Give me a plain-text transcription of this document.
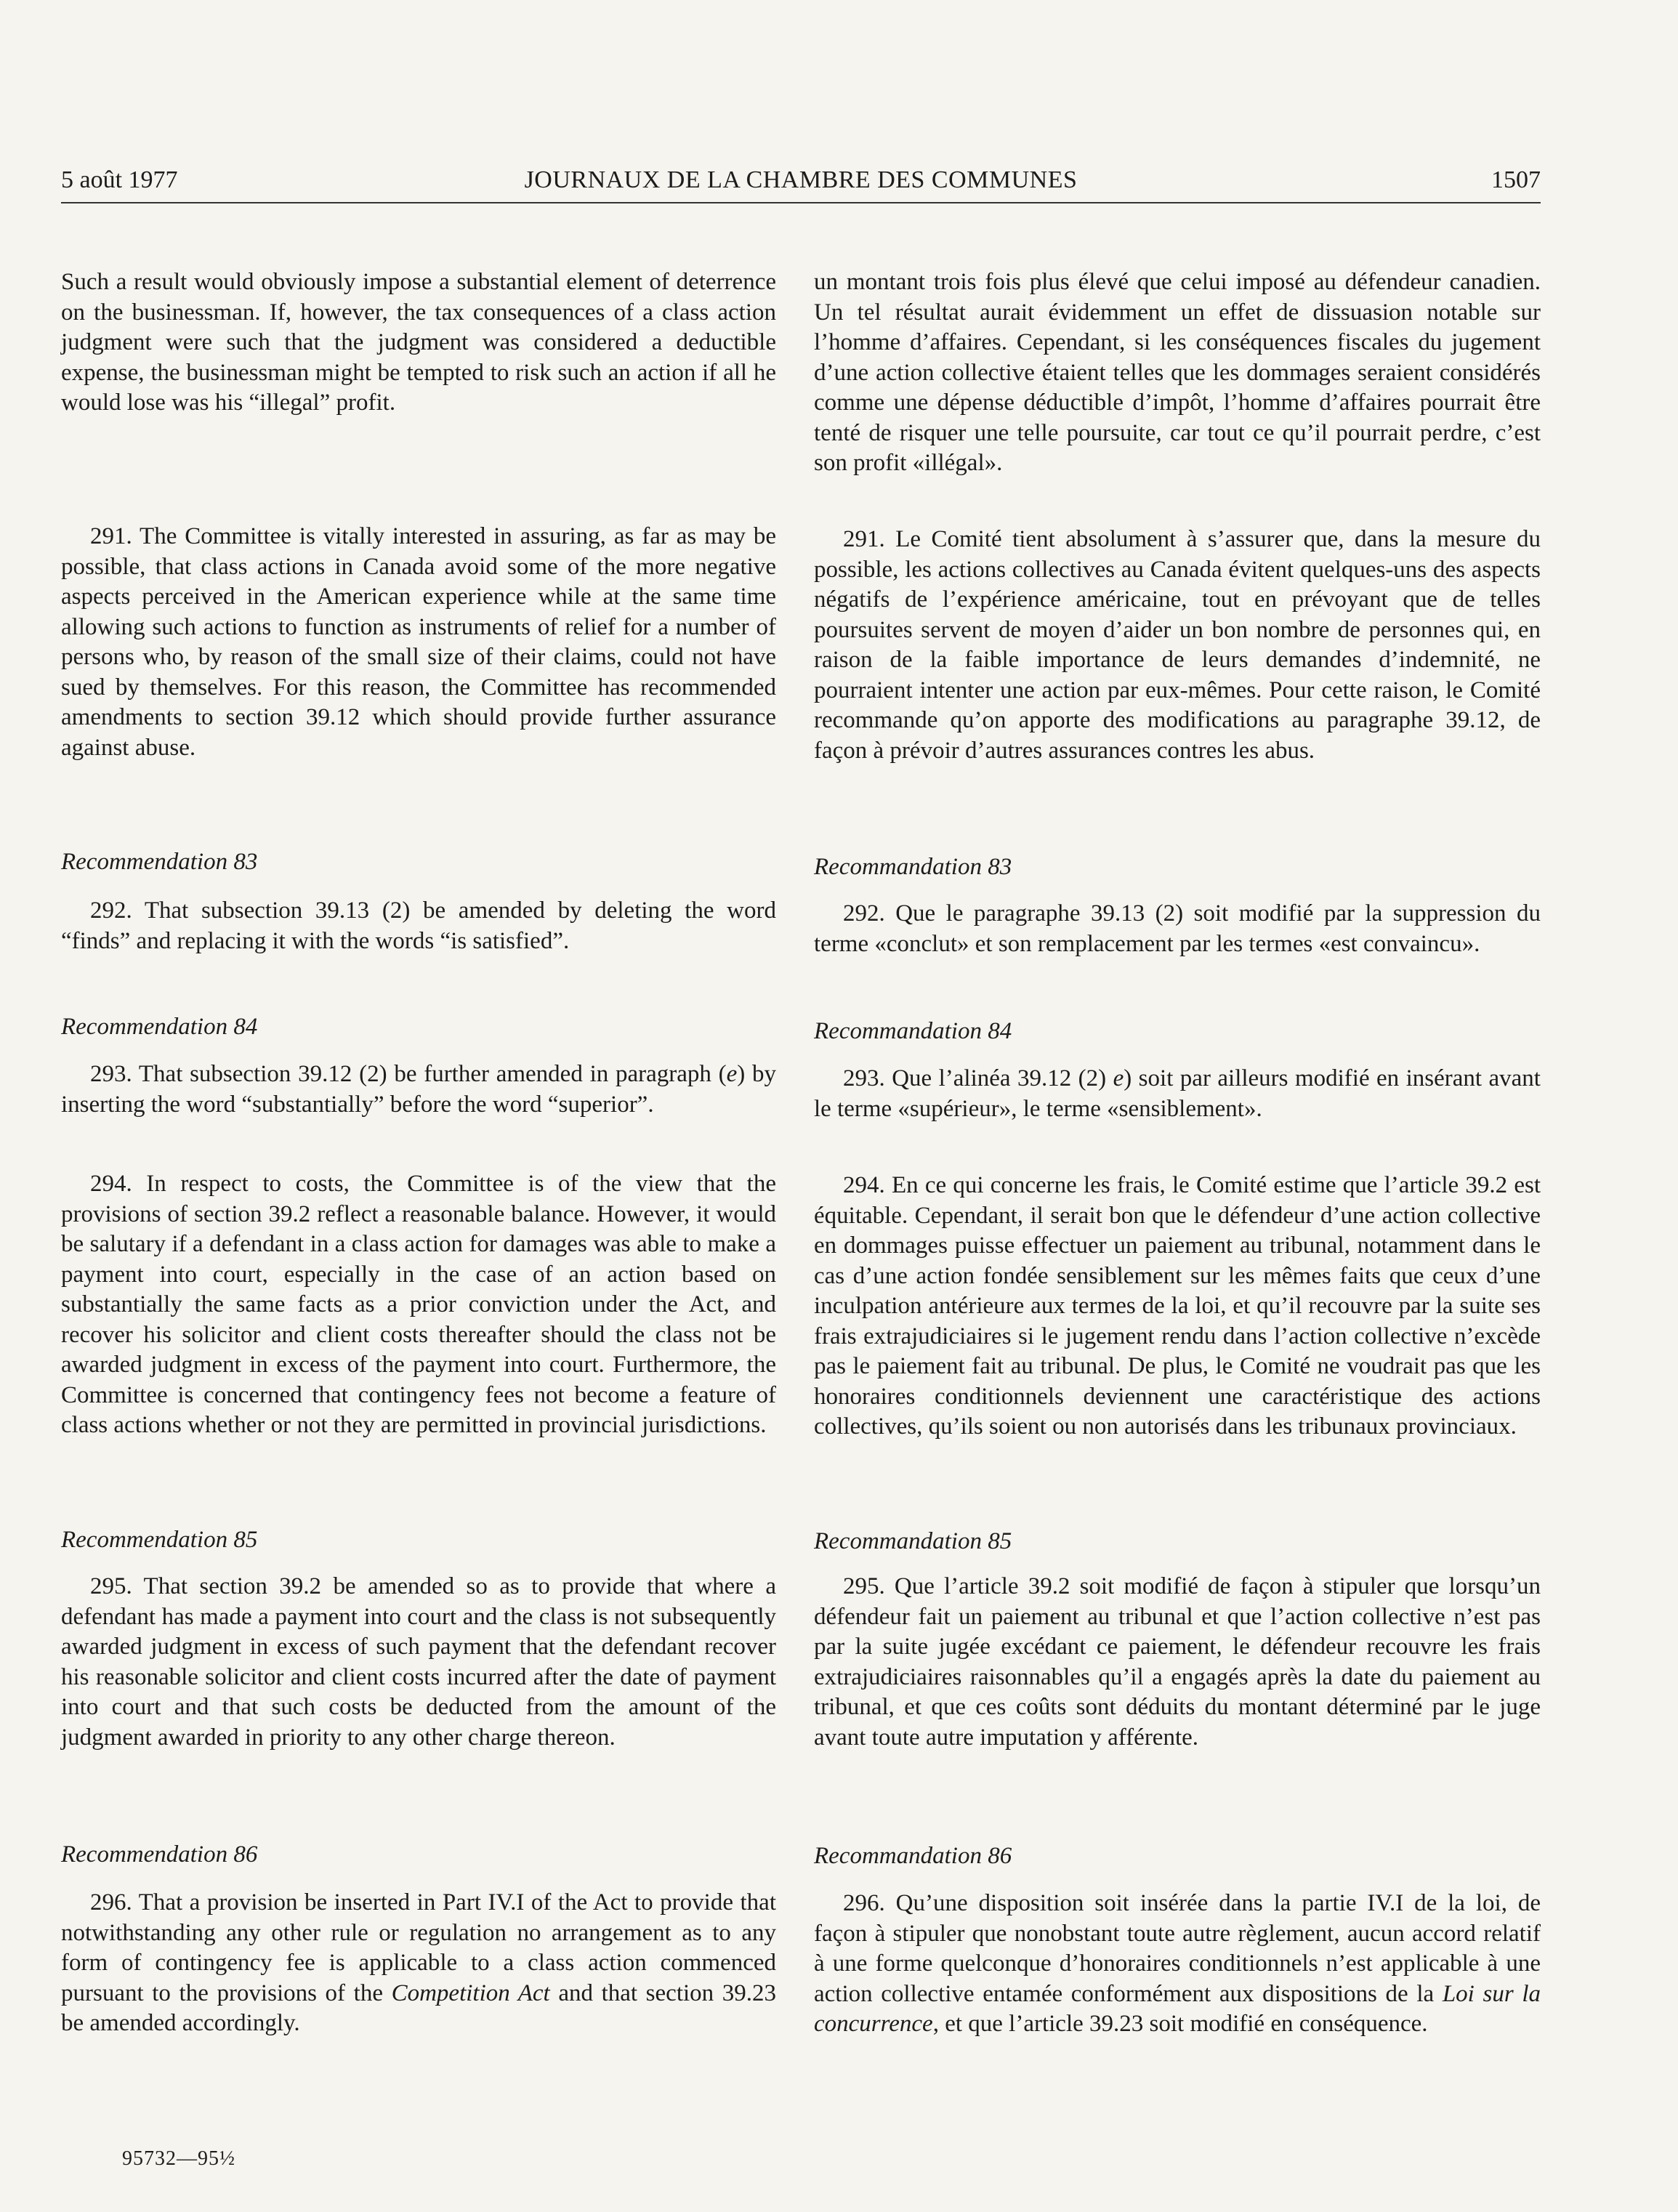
JOURNAUX DE LA CHAMBRE DES COMMUNES
5 août 1977	1507

Such a result would obviously impose a substantial element of deterrence on the businessman. If, however, the tax consequences of a class action judgment were such that the judgment was considered a deductible expense, the businessman might be tempted to risk such an action if all he would lose was his “illegal” profit.

291. The Committee is vitally interested in assuring, as far as may be possible, that class actions in Canada avoid some of the more negative aspects perceived in the American experience while at the same time allowing such actions to function as instruments of relief for a number of persons who, by reason of the small size of their claims, could not have sued by themselves. For this reason, the Committee has recommended amendments to section 39.12 which should provide further assurance against abuse.

Recommendation 83

292. That subsection 39.13 (2) be amended by deleting the word “finds” and replacing it with the words “is satisfied”.

Recommendation 84

293. That subsection 39.12 (2) be further amended in paragraph (e) by inserting the word “substantially” before the word “superior”.

294. In respect to costs, the Committee is of the view that the provisions of section 39.2 reflect a reasonable balance. However, it would be salutary if a defendant in a class action for damages was able to make a payment into court, especially in the case of an action based on substantially the same facts as a prior conviction under the Act, and recover his solicitor and client costs thereafter should the class not be awarded judgment in excess of the payment into court. Furthermore, the Committee is concerned that contingency fees not become a feature of class actions whether or not they are permitted in provincial jurisdictions.

Recommendation 85

295. That section 39.2 be amended so as to provide that where a defendant has made a payment into court and the class is not subsequently awarded judgment in excess of such payment that the defendant recover his reasonable solicitor and client costs incurred after the date of payment into court and that such costs be deducted from the amount of the judgment awarded in priority to any other charge thereon.

Recommendation 86

296. That a provision be inserted in Part IV.I of the Act to provide that notwithstanding any other rule or regulation no arrangement as to any form of contingency fee is applicable to a class action commenced pursuant to the provisions of the Competition Act and that section 39.23 be amended accordingly.

un montant trois fois plus élevé que celui imposé au défendeur canadien. Un tel résultat aurait évidemment un effet de dissuasion notable sur l’homme d’affaires. Cependant, si les conséquences fiscales du jugement d’une action collective étaient telles que les dommages seraient considérés comme une dépense déductible d’impôt, l’homme d’affaires pourrait être tenté de risquer une telle poursuite, car tout ce qu’il pourrait perdre, c’est son profit «illégal».

291. Le Comité tient absolument à s’assurer que, dans la mesure du possible, les actions collectives au Canada évitent quelques-uns des aspects négatifs de l’expérience américaine, tout en prévoyant que de telles poursuites servent de moyen d’aider un bon nombre de personnes qui, en raison de la faible importance de leurs demandes d’indemnité, ne pourraient intenter une action par eux-mêmes. Pour cette raison, le Comité recommande qu’on apporte des modifications au paragraphe 39.12, de façon à prévoir d’autres assurances contres les abus.

Recommandation 83

292. Que le paragraphe 39.13 (2) soit modifié par la suppression du terme «conclut» et son remplacement par les termes «est convaincu».

Recommandation 84

293. Que l’alinéa 39.12 (2) e) soit par ailleurs modifié en insérant avant le terme «supérieur», le terme «sensiblement».

294. En ce qui concerne les frais, le Comité estime que l’article 39.2 est équitable. Cependant, il serait bon que le défendeur d’une action collective en dommages puisse effectuer un paiement au tribunal, notamment dans le cas d’une action fondée sensiblement sur les mêmes faits que ceux d’une inculpation antérieure aux termes de la loi, et qu’il recouvre par la suite ses frais extrajudiciaires si le jugement rendu dans l’action collective n’excède pas le paiement fait au tribunal. De plus, le Comité ne voudrait pas que les honoraires conditionnels deviennent une caractéristique des actions collectives, qu’ils soient ou non autorisés dans les tribunaux provinciaux.

Recommandation 85

295. Que l’article 39.2 soit modifié de façon à stipuler que lorsqu’un défendeur fait un paiement au tribunal et que l’action collective n’est pas par la suite jugée excédant ce paiement, le défendeur recouvre les frais extrajudiciaires raisonnables qu’il a engagés après la date du paiement au tribunal, et que ces coûts sont déduits du montant déterminé par le juge avant toute autre imputation y afférente.

Recommandation 86

296. Qu’une disposition soit insérée dans la partie IV.I de la loi, de façon à stipuler que nonobstant toute autre règlement, aucun accord relatif à une forme quelconque d’honoraires conditionnels n’est applicable à une action collective entamée conformément aux dispositions de la Loi sur la concurrence, et que l’article 39.23 soit modifié en conséquence.

95732—95½
